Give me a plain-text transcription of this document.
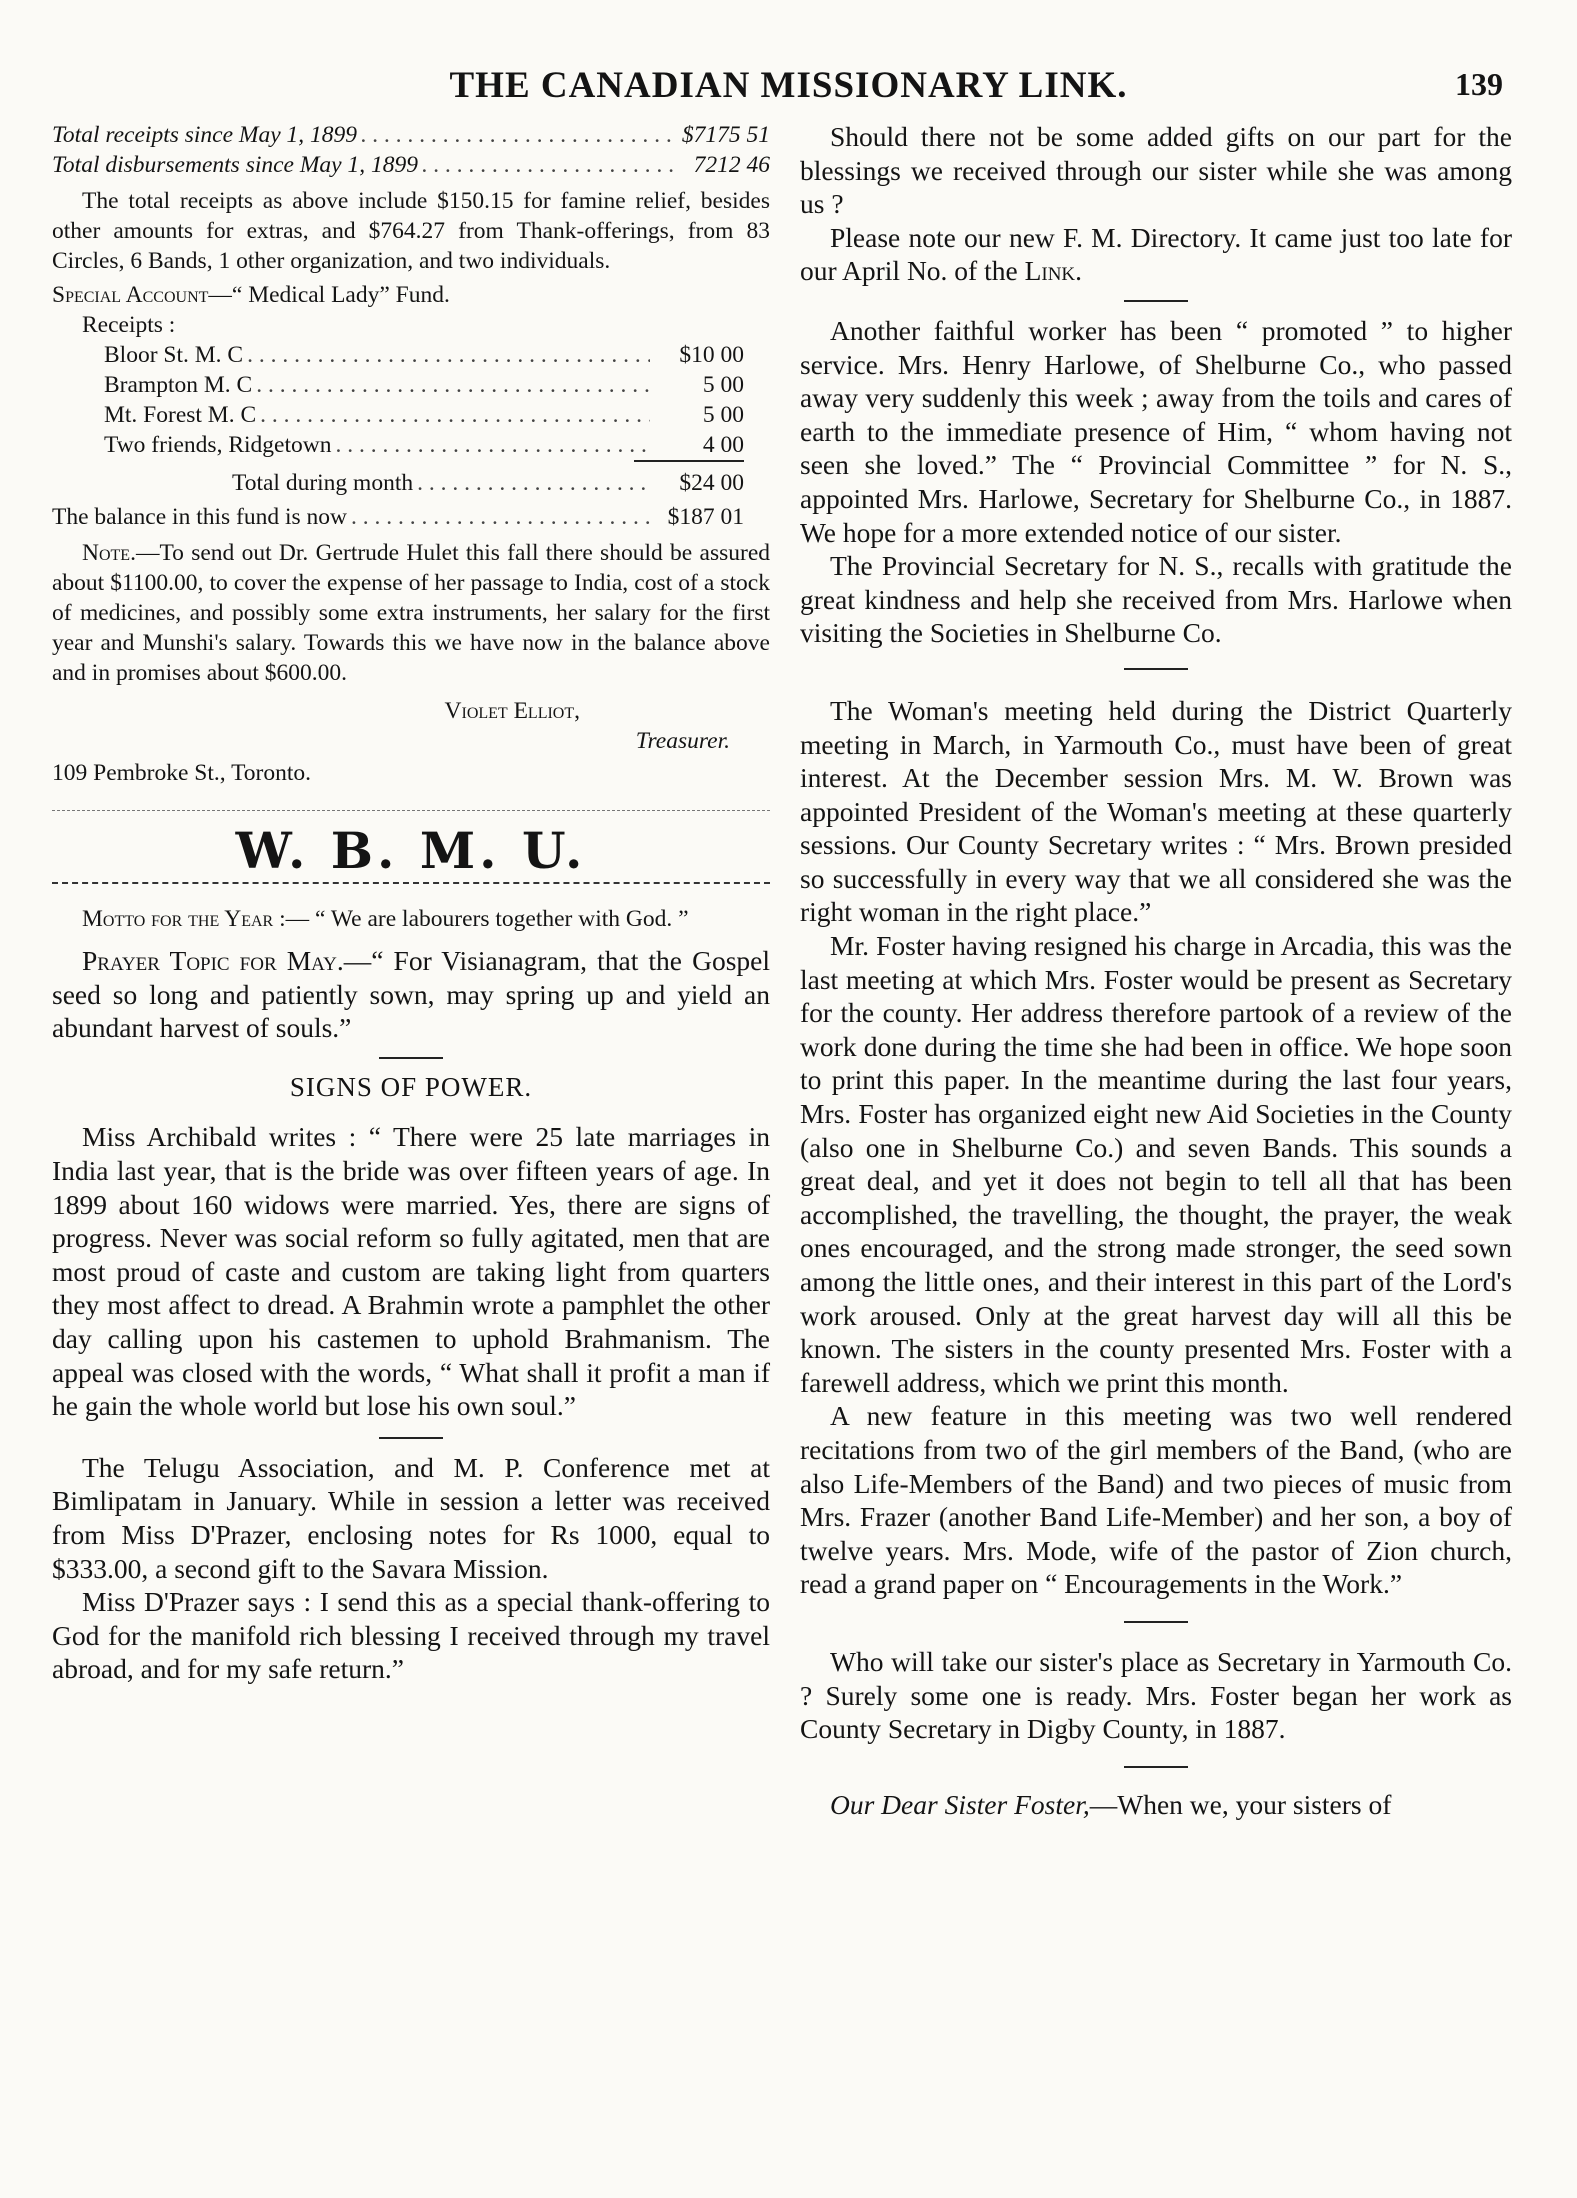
THE CANADIAN MISSIONARY LINK.	139
Total receipts since May 1, 1899 . . .	$7175 51
Total disbursements since May 1, 1899 . . .	7212 46

The total receipts as above include $150.15 for famine relief, besides other amounts for extras, and $764.27 from Thank-offerings, from 83 Circles, 6 Bands, 1 other organization, and two individuals.

Special Account—“ Medical Lady” Fund.

Receipts :

Bloor St. M. C . . .	$10 00
Brampton M. C . . .	5 00
Mt. Forest M. C . . .	5 00
Two friends, Ridgetown . . .	4 00
Total during month . . .	$24 00
The balance in this fund is now . . .	$187 01

Note.—To send out Dr. Gertrude Hulet this fall there should be assured about $1100.00, to cover the expense of her passage to India, cost of a stock of medicines, and possibly some extra instruments, her salary for the first year and Munshi's salary. Towards this we have now in the balance above and in promises about $600.00.

Violet Elliot,

Treasurer.

109 Pembroke St., Toronto.

W. B. M. U.

Motto for the Year :— “ We are labourers together with God. ”

Prayer Topic for May.—“ For Visianagram, that the Gospel seed so long and patiently sown, may spring up and yield an abundant harvest of souls.”

SIGNS OF POWER.

Miss Archibald writes : “ There were 25 late marriages in India last year, that is the bride was over fifteen years of age. In 1899 about 160 widows were married. Yes, there are signs of progress. Never was social reform so fully agitated, men that are most proud of caste and custom are taking light from quarters they most affect to dread. A Brahmin wrote a pamphlet the other day calling upon his castemen to uphold Brahmanism. The appeal was closed with the words, “ What shall it profit a man if he gain the whole world but lose his own soul.”

The Telugu Association, and M. P. Conference met at Bimlipatam in January. While in session a letter was received from Miss D'Prazer, enclosing notes for Rs 1000, equal to $333.00, a second gift to the Savara Mission.

Miss D'Prazer says : I send this as a special thank-offering to God for the manifold rich blessing I received through my travel abroad, and for my safe return.”

Should there not be some added gifts on our part for the blessings we received through our sister while she was among us ?

Please note our new F. M. Directory. It came just too late for our April No. of the Link.

Another faithful worker has been “ promoted ” to higher service. Mrs. Henry Harlowe, of Shelburne Co., who passed away very suddenly this week ; away from the toils and cares of earth to the immediate presence of Him, “ whom having not seen she loved.” The “ Provincial Committee ” for N. S., appointed Mrs. Harlowe, Secretary for Shelburne Co., in 1887. We hope for a more extended notice of our sister.

The Provincial Secretary for N. S., recalls with gratitude the great kindness and help she received from Mrs. Harlowe when visiting the Societies in Shelburne Co.

The Woman's meeting held during the District Quarterly meeting in March, in Yarmouth Co., must have been of great interest. At the December session Mrs. M. W. Brown was appointed President of the Woman's meeting at these quarterly sessions. Our County Secretary writes : “ Mrs. Brown presided so successfully in every way that we all considered she was the right woman in the right place.”

Mr. Foster having resigned his charge in Arcadia, this was the last meeting at which Mrs. Foster would be present as Secretary for the county. Her address therefore partook of a review of the work done during the time she had been in office. We hope soon to print this paper. In the meantime during the last four years, Mrs. Foster has organized eight new Aid Societies in the County (also one in Shelburne Co.) and seven Bands. This sounds a great deal, and yet it does not begin to tell all that has been accomplished, the travelling, the thought, the prayer, the weak ones encouraged, and the strong made stronger, the seed sown among the little ones, and their interest in this part of the Lord's work aroused. Only at the great harvest day will all this be known. The sisters in the county presented Mrs. Foster with a farewell address, which we print this month.

A new feature in this meeting was two well rendered recitations from two of the girl members of the Band, (who are also Life-Members of the Band) and two pieces of music from Mrs. Frazer (another Band Life-Member) and her son, a boy of twelve years. Mrs. Mode, wife of the pastor of Zion church, read a grand paper on “ Encouragements in the Work.”

Who will take our sister's place as Secretary in Yarmouth Co. ? Surely some one is ready. Mrs. Foster began her work as County Secretary in Digby County, in 1887.

Our Dear Sister Foster,—When we, your sisters of
